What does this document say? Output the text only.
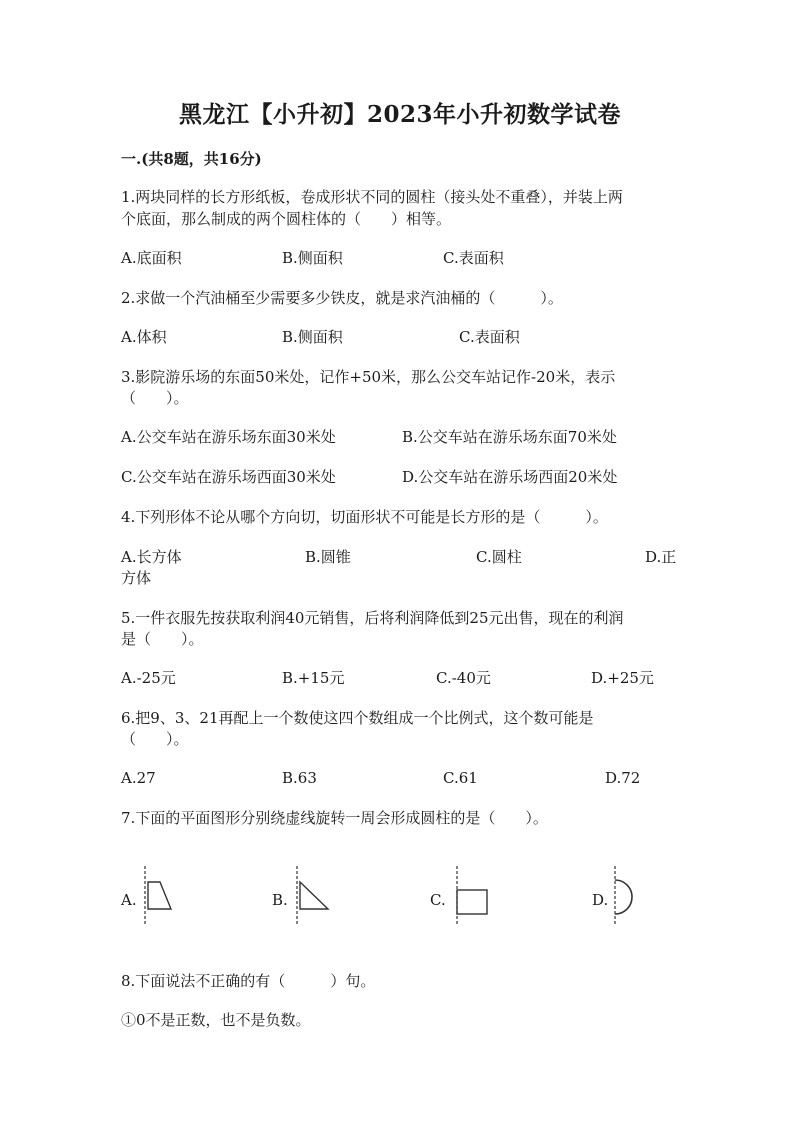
黑龙江【小升初】2023年小升初数学试卷
一.(共8题，共16分)
1.两块同样的长方形纸板，卷成形状不同的圆柱（接头处不重叠），并装上两
个底面，那么制成的两个圆柱体的（　　）相等。
A.底面积	B.侧面积	C.表面积
2.求做一个汽油桶至少需要多少铁皮，就是求汽油桶的（　　　）。
A.体积	B.侧面积	C.表面积
3.影院游乐场的东面50米处，记作+50米，那么公交车站记作-20米，表示
（　　）。
A.公交车站在游乐场东面30米处	B.公交车站在游乐场东面70米处
C.公交车站在游乐场西面30米处	D.公交车站在游乐场西面20米处
4.下列形体不论从哪个方向切，切面形状不可能是长方形的是（　　　）。
A.长方体	B.圆锥	C.圆柱	D.正
方体
5.一件衣服先按获取利润40元销售，后将利润降低到25元出售，现在的利润
是（　　）。
A.-25元	B.+15元	C.-40元	D.+25元
6.把9、3、21再配上一个数使这四个数组成一个比例式，这个数可能是
（　　）。
A.27	B.63	C.61	D.72
7.下面的平面图形分别绕虚线旋转一周会形成圆柱的是（　　）。
A.	B.	C.	D.
8.下面说法不正确的有（　　　）句。
①0不是正数，也不是负数。
